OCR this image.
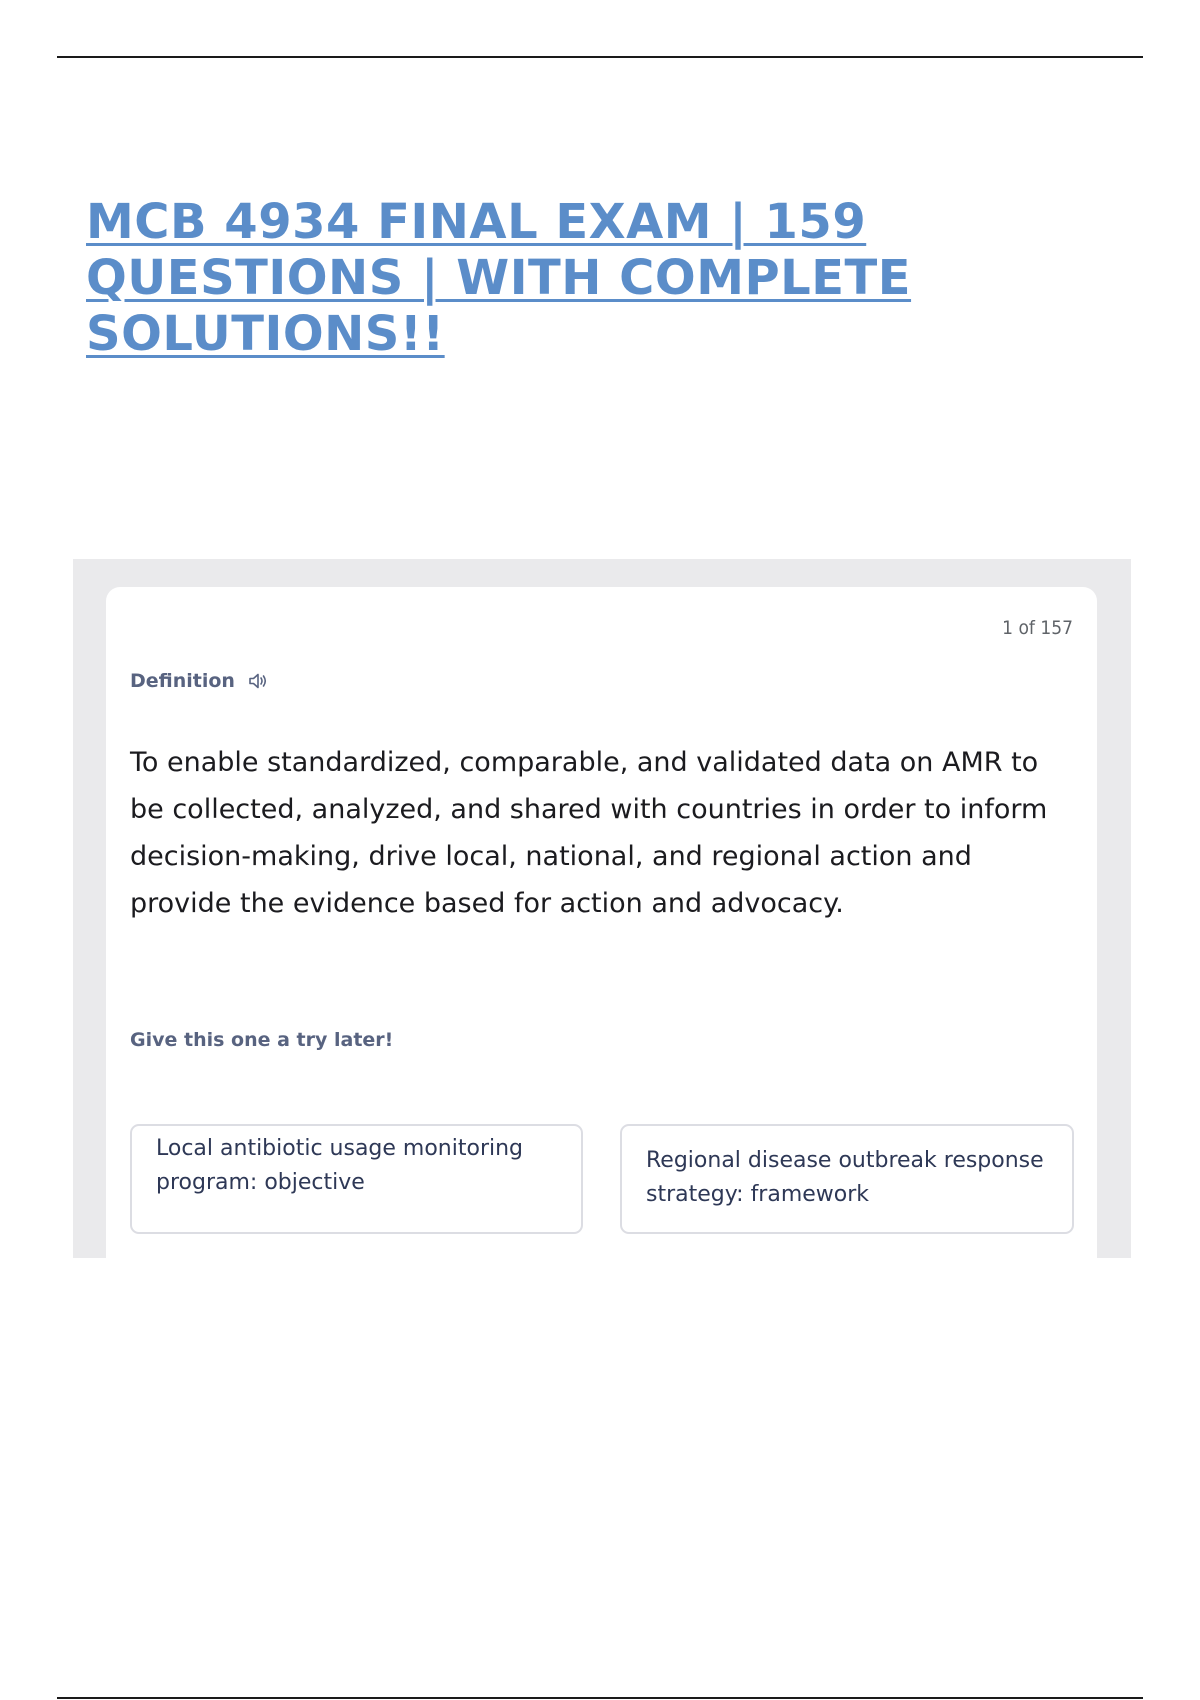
MCB 4934 FINAL EXAM | 159
QUESTIONS | WITH COMPLETE
SOLUTIONS!!
1 of 157
Definition

To enable standardized, comparable, and validated data on AMR to be collected, analyzed, and shared with countries in order to inform decision-making, drive local, national, and regional action and provide the evidence based for action and advocacy.

Give this one a try later!
Local antibiotic usage monitoring program: objective
Regional disease outbreak response strategy: framework
